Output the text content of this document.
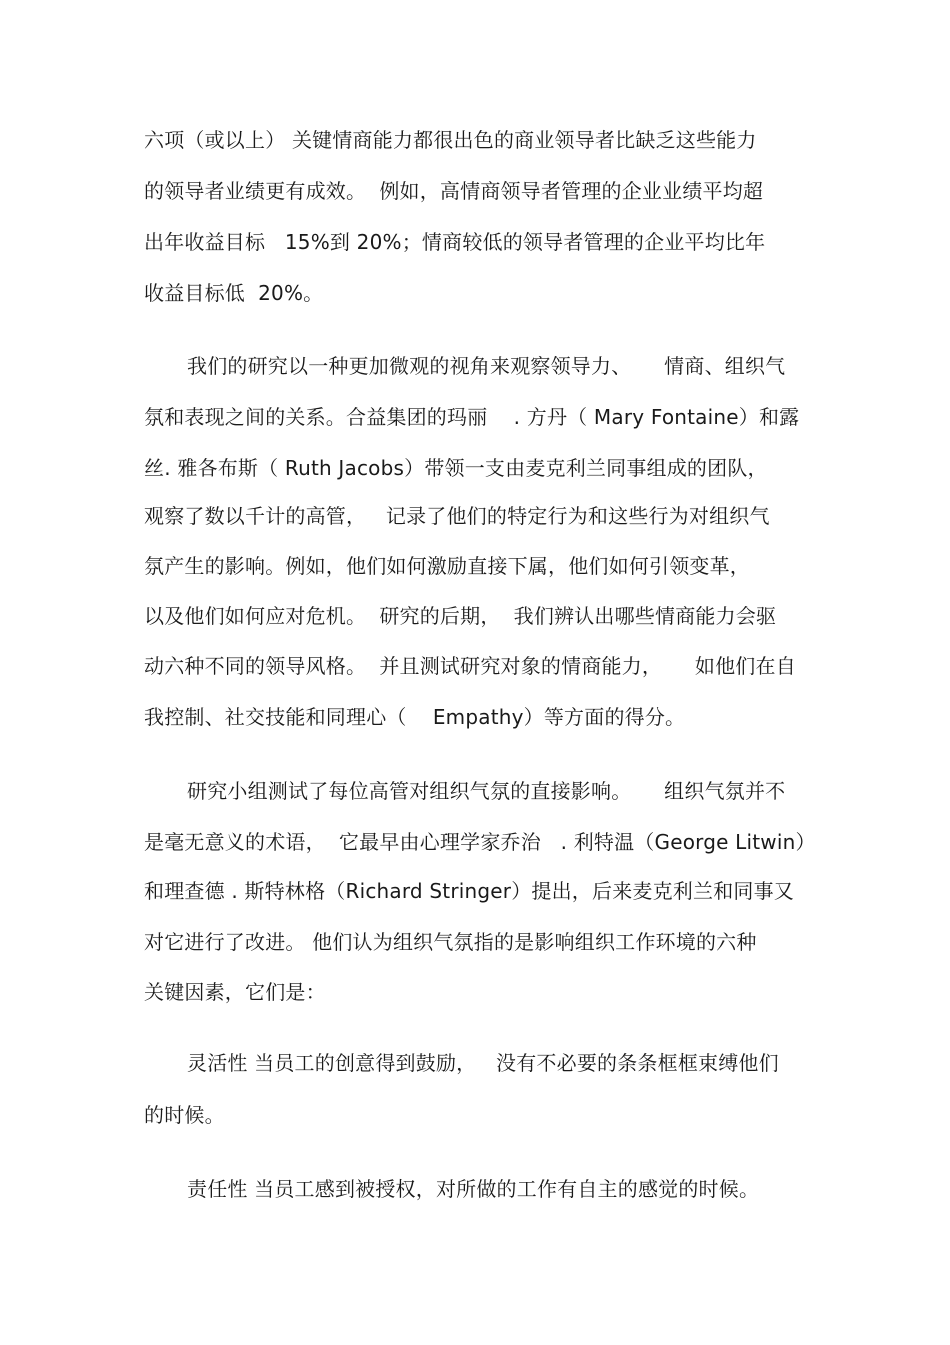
六项（或以上） 关键情商能力都很出色的商业领导者比缺乏这些能力
的领导者业绩更有成效。  例如，高情商领导者管理的企业业绩平均超
出年收益目标   15%到 20%；情商较低的领导者管理的企业平均比年
收益目标低  20%。
我们的研究以一种更加微观的视角来观察领导力、     情商、组织气
氛和表现之间的关系。合益集团的玛丽    . 方丹（ Mary Fontaine）和露
丝. 雅各布斯（ Ruth Jacobs）带领一支由麦克利兰同事组成的团队，
观察了数以千计的高管，   记录了他们的特定行为和这些行为对组织气
氛产生的影响。例如，他们如何激励直接下属，他们如何引领变革，
以及他们如何应对危机。  研究的后期，  我们辨认出哪些情商能力会驱
动六种不同的领导风格。  并且测试研究对象的情商能力，     如他们在自
我控制、社交技能和同理心（    Empathy）等方面的得分。
研究小组测试了每位高管对组织气氛的直接影响。     组织气氛并不
是毫无意义的术语，  它最早由心理学家乔治   . 利特温（George Litwin）
和理查德 . 斯特林格（Richard Stringer）提出，后来麦克利兰和同事又
对它进行了改进。 他们认为组织气氛指的是影响组织工作环境的六种
关键因素，它们是：
灵活性 当员工的创意得到鼓励，   没有不必要的条条框框束缚他们
的时候。
责任性 当员工感到被授权，对所做的工作有自主的感觉的时候。
